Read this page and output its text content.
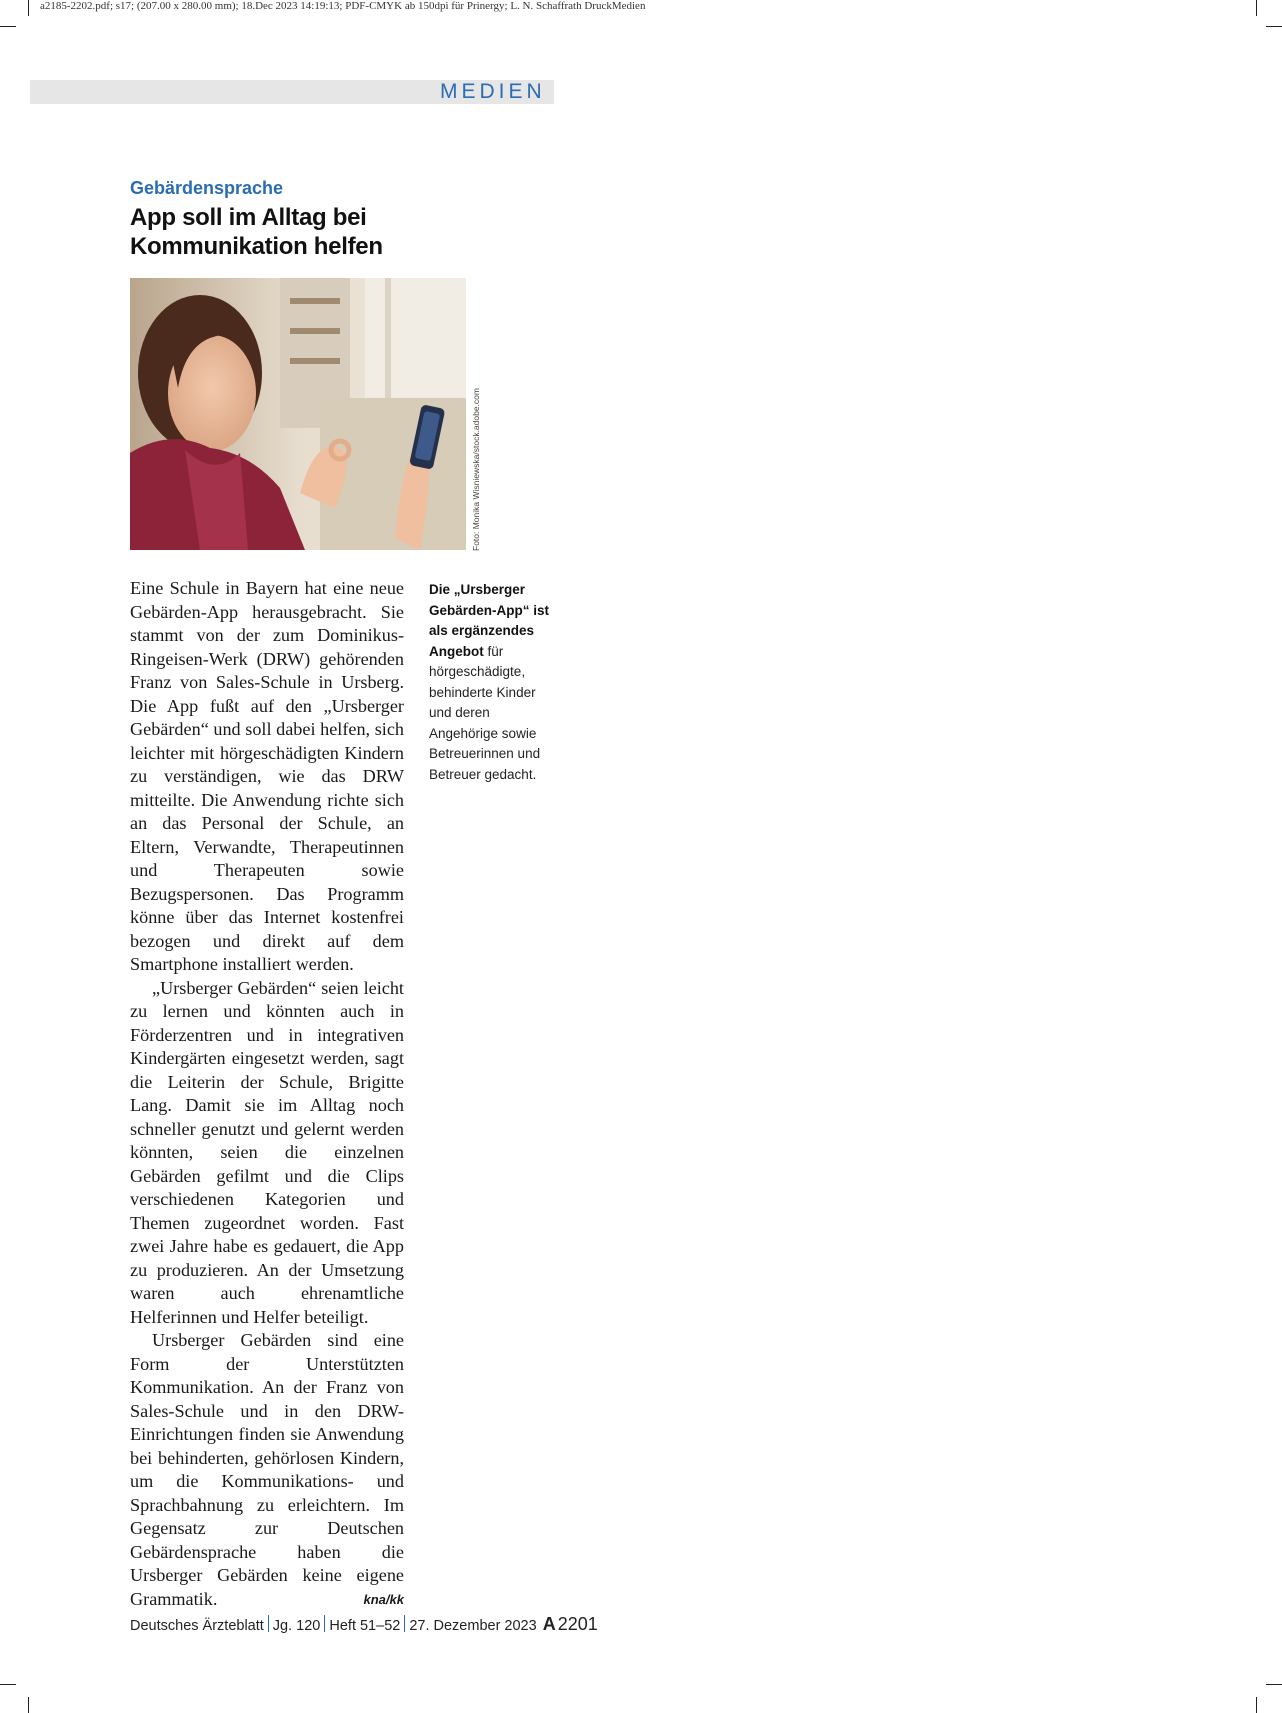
a2185-2202.pdf; s17; (207.00 x 280.00 mm); 18.Dec 2023 14:19:13; PDF-CMYK ab 150dpi für Prinergy; L. N. Schaffrath DruckMedien
MEDIEN
Gebärdensprache
App soll im Alltag bei Kommunikation helfen
Foto: Monika Wisniewska/stock.adobe.com

Eine Schule in Bayern hat eine neue Gebärden-App herausgebracht. Sie stammt von der zum Dominikus-Ringeisen-Werk (DRW) gehörenden Franz von Sales-Schule in Ursberg. Die App fußt auf den „Ursberger Gebärden“ und soll dabei helfen, sich leichter mit hörgeschädigten Kindern zu verständigen, wie das DRW mitteilte. Die Anwendung richte sich an das Personal der Schule, an Eltern, Verwandte, Therapeutinnen und Therapeuten sowie Bezugspersonen. Das Programm könne über das Internet kostenfrei bezogen und direkt auf dem Smartphone installiert werden.

„Ursberger Gebärden“ seien leicht zu lernen und könnten auch in Förderzentren und in integrativen Kindergärten eingesetzt werden, sagt die Leiterin der Schule, Brigitte Lang. Damit sie im Alltag noch schneller genutzt und gelernt werden könnten, seien die einzelnen Gebärden gefilmt und die Clips verschiedenen Kategorien und Themen zugeordnet worden. Fast zwei Jahre habe es gedauert, die App zu produzieren. An der Umsetzung waren auch ehrenamtliche Helferinnen und Helfer beteiligt.

Ursberger Gebärden sind eine Form der Unterstützten Kommunikation. An der Franz von Sales-Schule und in den DRW-Einrichtungen finden sie Anwendung bei behinderten, gehörlosen Kindern, um die Kommunikations- und Sprachbahnung zu erleichtern. Im Gegensatz zur Deutschen Gebärdensprache haben die Ursberger Gebärden keine eigene Grammatik.	kna/kk

Die „Ursberger Gebärden-App“ ist als ergänzendes Angebot für hörgeschädigte, behinderte Kinder und deren Angehörige sowie Betreuerinnen und Betreuer gedacht.
Deutsches Ärzteblatt Jg. 120 Heft 51–52 27. Dezember 2023 A 2201
